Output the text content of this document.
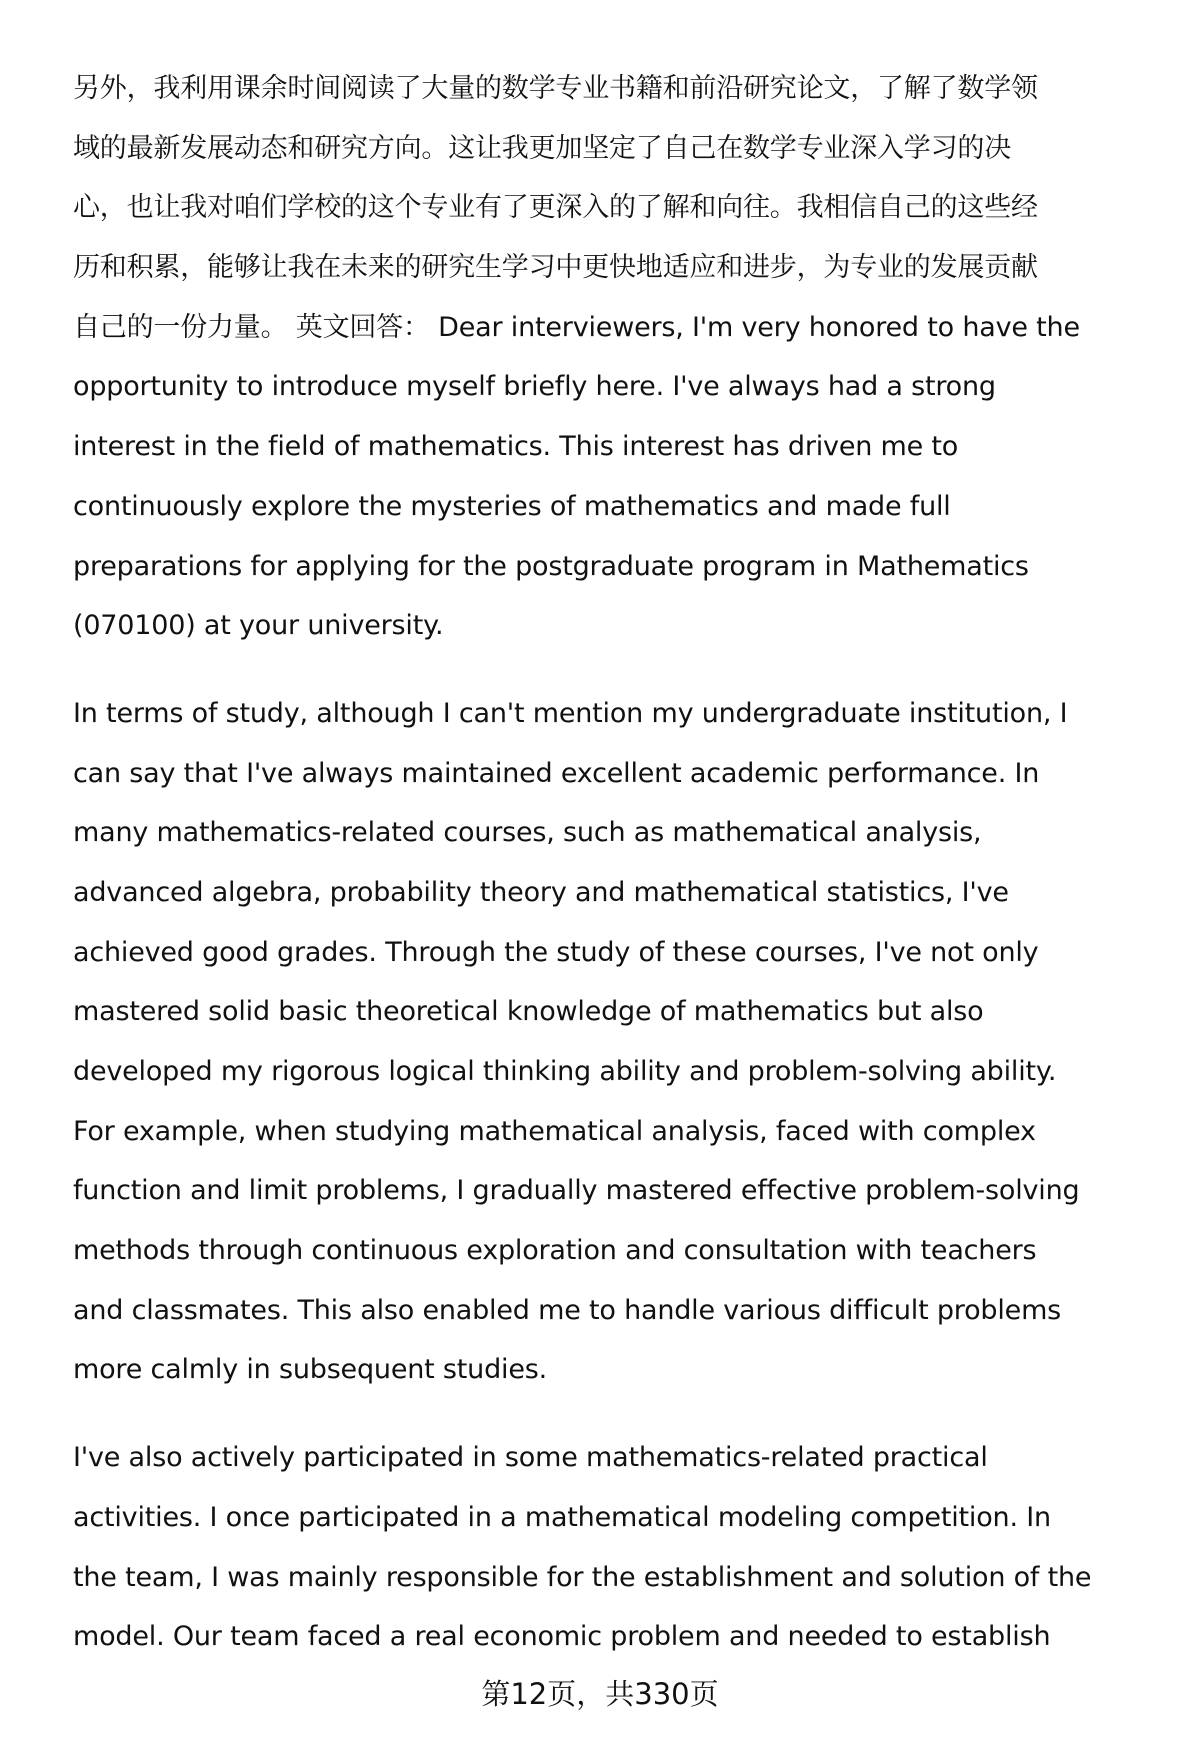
另外，我利用课余时间阅读了大量的数学专业书籍和前沿研究论文，了解了数学领
域的最新发展动态和研究方向。这让我更加坚定了自己在数学专业深入学习的决
心，也让我对咱们学校的这个专业有了更深入的了解和向往。我相信自己的这些经
历和积累，能够让我在未来的研究生学习中更快地适应和进步，为专业的发展贡献
自己的一份力量。 英文回答： Dear interviewers, I'm very honored to have the
opportunity to introduce myself briefly here. I've always had a strong
interest in the field of mathematics. This interest has driven me to
continuously explore the mysteries of mathematics and made full
preparations for applying for the postgraduate program in Mathematics
(070100) at your university.
In terms of study, although I can't mention my undergraduate institution, I
can say that I've always maintained excellent academic performance. In
many mathematics-related courses, such as mathematical analysis,
advanced algebra, probability theory and mathematical statistics, I've
achieved good grades. Through the study of these courses, I've not only
mastered solid basic theoretical knowledge of mathematics but also
developed my rigorous logical thinking ability and problem-solving ability.
For example, when studying mathematical analysis, faced with complex
function and limit problems, I gradually mastered effective problem-solving
methods through continuous exploration and consultation with teachers
and classmates. This also enabled me to handle various difficult problems
more calmly in subsequent studies.
I've also actively participated in some mathematics-related practical
activities. I once participated in a mathematical modeling competition. In
the team, I was mainly responsible for the establishment and solution of the
model. Our team faced a real economic problem and needed to establish
第12页，共330页
